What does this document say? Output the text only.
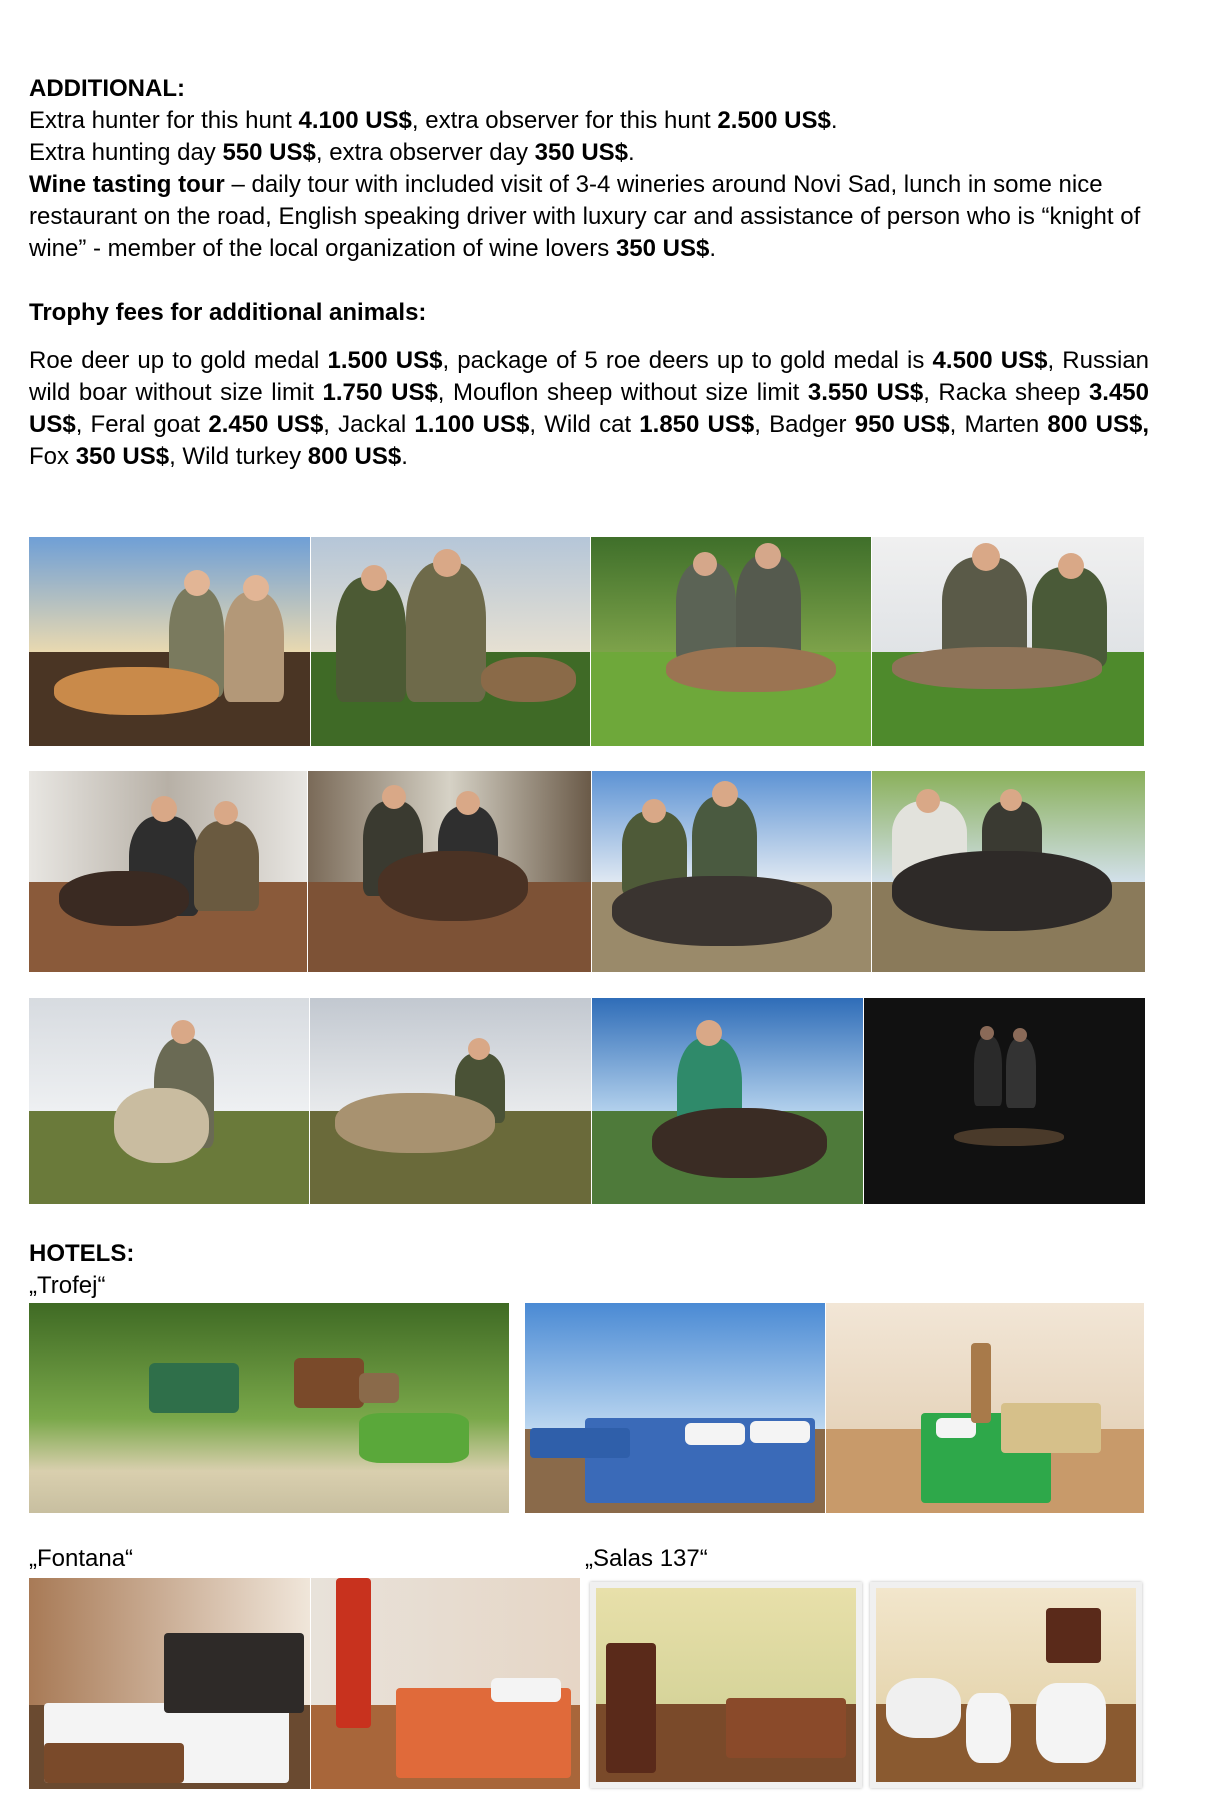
ADDITIONAL:

Extra hunter for this hunt 4.100 US$, extra observer for this hunt 2.500 US$.

Extra hunting day 550 US$, extra observer day 350 US$.

Wine tasting tour – daily tour with included visit of 3-4 wineries around Novi Sad, lunch in some nice restaurant on the road, English speaking driver with luxury car and assistance of person who is “knight of wine” - member of the local organization of wine lovers 350 US$.

Trophy fees for additional animals:
Roe deer up to gold medal 1.500 US$, package of 5 roe deers up to gold medal is 4.500 US$, Russian wild boar without size limit 1.750 US$, Mouflon sheep without size limit 3.550 US$, Racka sheep 3.450 US$, Feral goat 2.450 US$, Jackal 1.100 US$, Wild cat 1.850 US$, Badger 950 US$, Marten 800 US$, Fox 350 US$, Wild turkey 800 US$.
HOTELS:
„Trofej“
„Fontana“	„Salas 137“
